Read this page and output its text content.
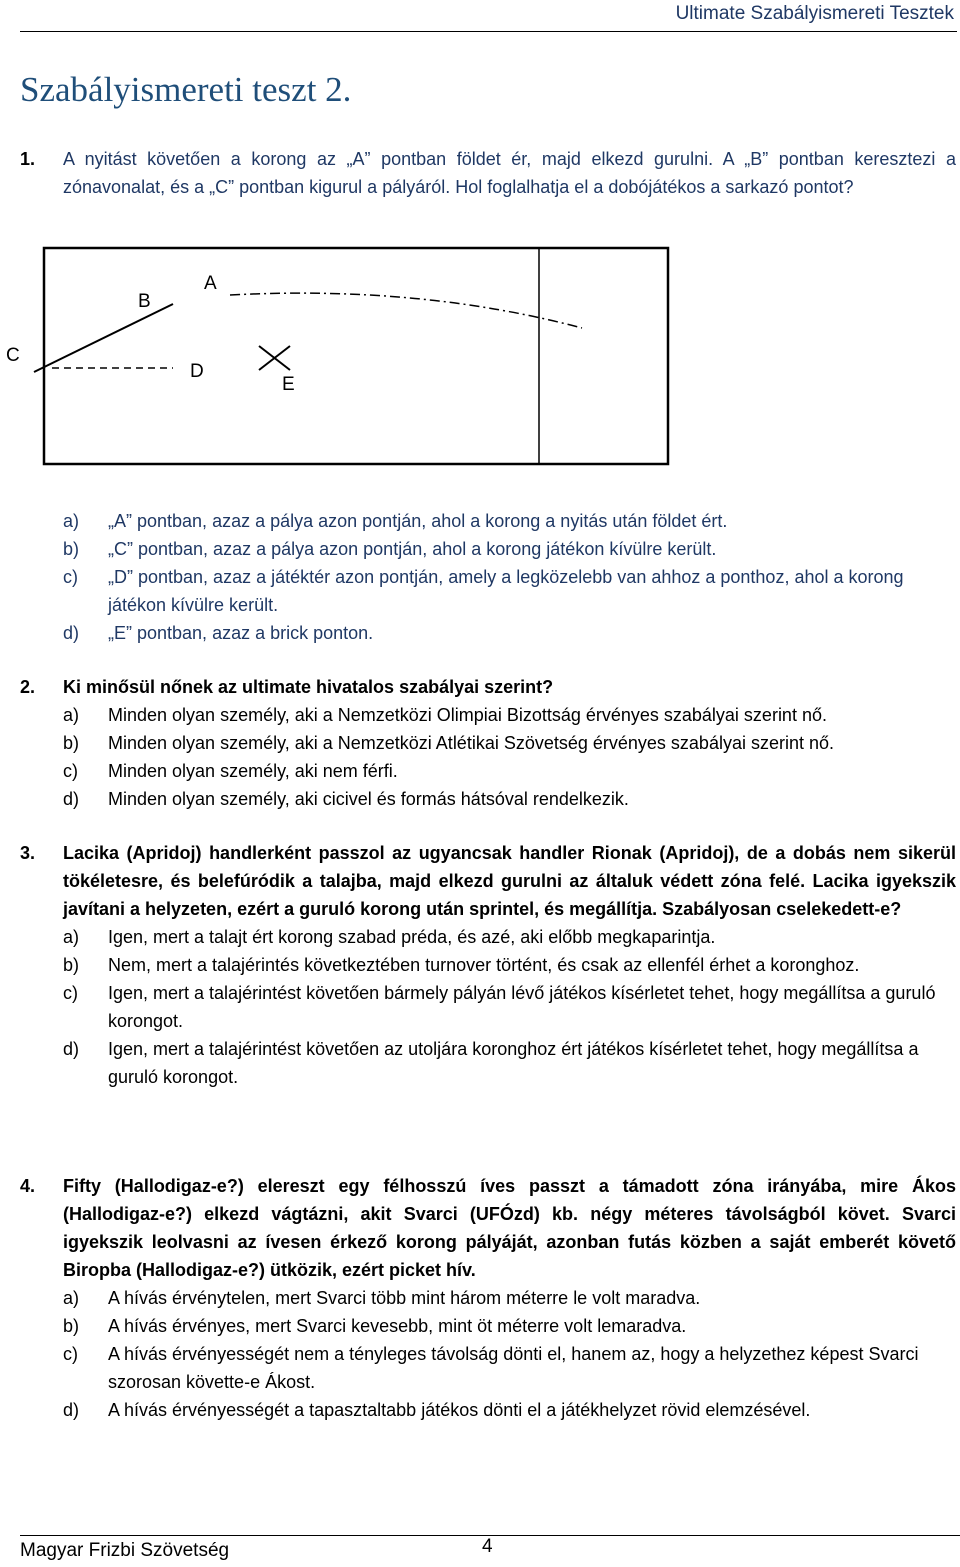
Ultimate Szabályismereti Tesztek
Szabályismereti teszt 2.
1.	A nyitást követően a korong az „A” pontban földet ér, majd elkezd gurulni. A „B” pontban keresztezi a zónavonalat, és a „C” pontban kigurul a pályáról. Hol foglalhatja el a dobójátékos a sarkazó pontot?
A
B
C
D
E
a)	„A” pontban, azaz a pálya azon pontján, ahol a korong a nyitás után földet ért.
b)	„C” pontban, azaz a pálya azon pontján, ahol a korong játékon kívülre került.
c)	„D” pontban, azaz a játéktér azon pontján, amely a legközelebb van ahhoz a ponthoz, ahol a korong játékon kívülre került.
d)	„E” pontban, azaz a brick ponton.
2.	Ki minősül nőnek az ultimate hivatalos szabályai szerint?
a)	Minden olyan személy, aki a Nemzetközi Olimpiai Bizottság érvényes szabályai szerint nő.
b)	Minden olyan személy, aki a Nemzetközi Atlétikai Szövetség érvényes szabályai szerint nő.
c)	Minden olyan személy, aki nem férfi.
d)	Minden olyan személy, aki cicivel és formás hátsóval rendelkezik.
3.	Lacika (Apridoj) handlerként passzol az ugyancsak handler Rionak (Apridoj), de a dobás nem sikerül tökéletesre, és belefúródik a talajba, majd elkezd gurulni az általuk védett zóna felé. Lacika igyekszik javítani a helyzeten, ezért a guruló korong után sprintel, és megállítja. Szabályosan cselekedett-e?
a)	Igen, mert a talajt ért korong szabad préda, és azé, aki előbb megkaparintja.
b)	Nem, mert a talajérintés következtében turnover történt, és csak az ellenfél érhet a koronghoz.
c)	Igen, mert a talajérintést követően bármely pályán lévő játékos kísérletet tehet, hogy megállítsa a guruló korongot.
d)	Igen, mert a talajérintést követően az utoljára koronghoz ért játékos kísérletet tehet, hogy megállítsa a guruló korongot.
4.	Fifty (Hallodigaz-e?) elereszt egy félhosszú íves passzt a támadott zóna irányába, mire Ákos (Hallodigaz-e?) elkezd vágtázni, akit Svarci (UFÓzd) kb. négy méteres távolságból követ. Svarci igyekszik leolvasni az ívesen érkező korong pályáját, azonban futás közben a saját emberét követő Biropba (Hallodigaz-e?) ütközik, ezért picket hív.
a)	A hívás érvénytelen, mert Svarci több mint három méterre le volt maradva.
b)	A hívás érvényes, mert Svarci kevesebb, mint öt méterre volt lemaradva.
c)	A hívás érvényességét nem a tényleges távolság dönti el, hanem az, hogy a helyzethez képest Svarci szorosan követte-e Ákost.
d)	A hívás érvényességét a tapasztaltabb játékos dönti el a játékhelyzet rövid elemzésével.
Magyar Frizbi Szövetség	4
